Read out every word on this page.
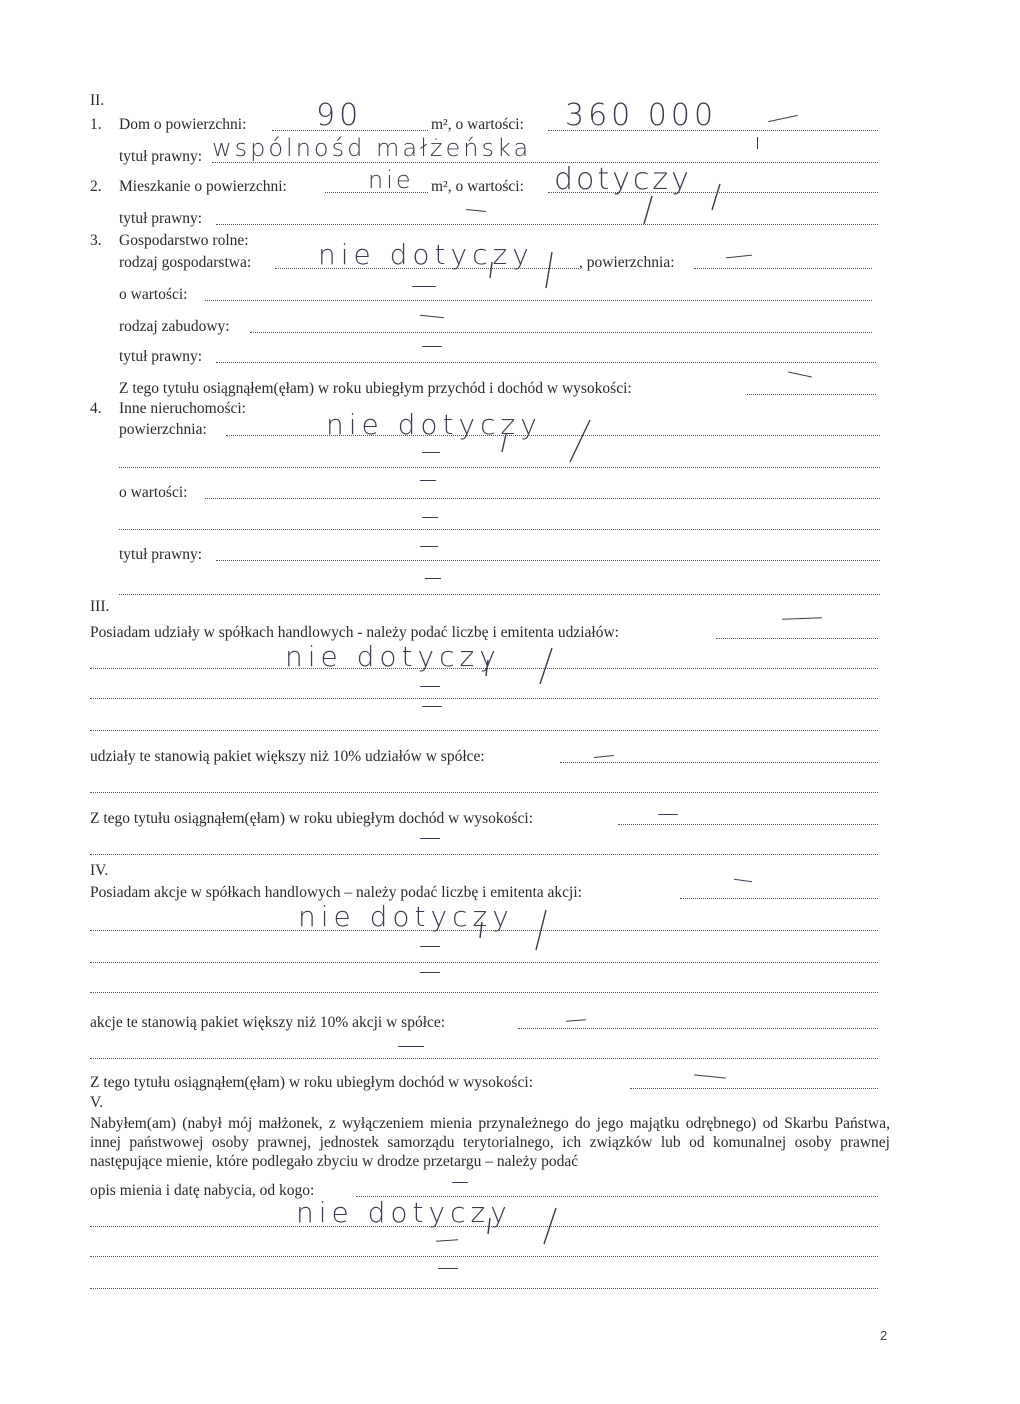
II.
1. Dom o powierzchni:	m², o wartości:
90	360 000
tytuł prawny: wspólnośd małżeńska
2. Mieszkanie o powierzchni:	m², o wartości:
nie	dotyczy
tytuł prawny:
3. Gospodarstwo rolne:
rodzaj gospodarstwa:	, powierzchnia:
nie dotyczy
o wartości:
rodzaj zabudowy:
tytuł prawny:
Z tego tytułu osiągnąłem(ęłam) w roku ubiegłym przychód i dochód w wysokości:
4. Inne nieruchomości:
powierzchnia:	nie dotyczy
o wartości:
tytuł prawny:
III.
Posiadam udziały w spółkach handlowych - należy podać liczbę i emitenta udziałów:
nie dotyczy
udziały te stanowią pakiet większy niż 10% udziałów w spółce:
Z tego tytułu osiągnąłem(ęłam) w roku ubiegłym dochód w wysokości:
IV.
Posiadam akcje w spółkach handlowych – należy podać liczbę i emitenta akcji:
nie dotyczy
akcje te stanowią pakiet większy niż 10% akcji w spółce:
Z tego tytułu osiągnąłem(ęłam) w roku ubiegłym dochód w wysokości:
V.
Nabyłem(am) (nabył mój małżonek, z wyłączeniem mienia przynależnego do jego majątku odrębnego) od Skarbu Państwa, innej państwowej osoby prawnej, jednostek samorządu terytorialnego, ich związków lub od komunalnej osoby prawnej następujące mienie, które podlegało zbyciu w drodze przetargu – należy podać
opis mienia i datę nabycia, od kogo:
nie dotyczy
2
